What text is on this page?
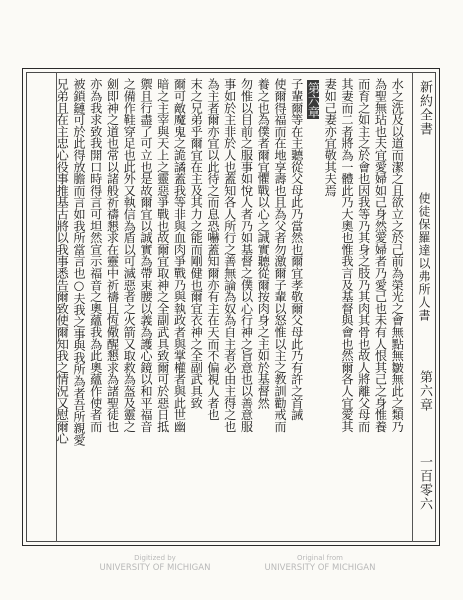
新約全書
使徒保羅達以弗所人書
第六章
一百零六
水之洗及以道而潔之且欲立之於己前為榮光之會無點無皺無此之類乃
為聖無玷也夫宜愛婦如己身然愛婦者乃愛己也未有人恨其己之身惟養
而育之如主之於會也因我等乃其身之肢乃其肉其骨也故人將離父母而
其妻而二者將為一體此乃大奧也惟我言及基督與會也然爾各人宜愛其
妻如己妻亦宜敬其夫焉
第六章
子輩爾等在主聽從父母此乃當然也爾宜孝敬爾父母此乃有許之首誡
使爾得福而在地享壽也且為父者勿激爾子輩以怒惟以主之教訓勸戒而
養之也為僕者爾宜懼戰以心之誠實聽從爾按肉身之主如於基督然
勿惟以目前之服事如悅人者乃如基督之僕以心行神之旨意也以善意服
事如於主非於人也蓋知各人所行之善無論為奴為自主者必由主得之也
為主者爾亦宜以此待之而息恐嚇蓋知爾亦有主在天而不偏視人者也
末之兄弟乎爾宜在主及其力之能而剛健也爾宜衣神之全副武具致
爾可敵魔鬼之詭譎蓋我等非與血肉爭戰乃與執政者與掌權者與此世幽
暗之主宰與天上之靈惡爭戰也故爾宜取神之全副武具致爾可於惡日抵
禦且行盡了可立也是故爾宜以誠實為帶束腰以義為護心鏡以和平福音
之備作鞋穿足也此外又執信為盾以可滅惡者之火箭又取救為盔及靈之
劍即神之道也常以諸般祈禱懇求在靈中祈禱且恆儆醒懇求為諸聖徒也
亦為我求致我開口時得言可坦然宣示福音之奧蘊我為此奧蘊作使者而
被鎖鏈可於此得放膽而言如我所當言也○夫我之事與我所為者吾所親愛
兄弟且在主忠心役事推基古將以我事悉告爾致使爾知我之情況又慰爾心
Digitized by
UNIVERSITY OF MICHIGAN
Original from
UNIVERSITY OF MICHIGAN
